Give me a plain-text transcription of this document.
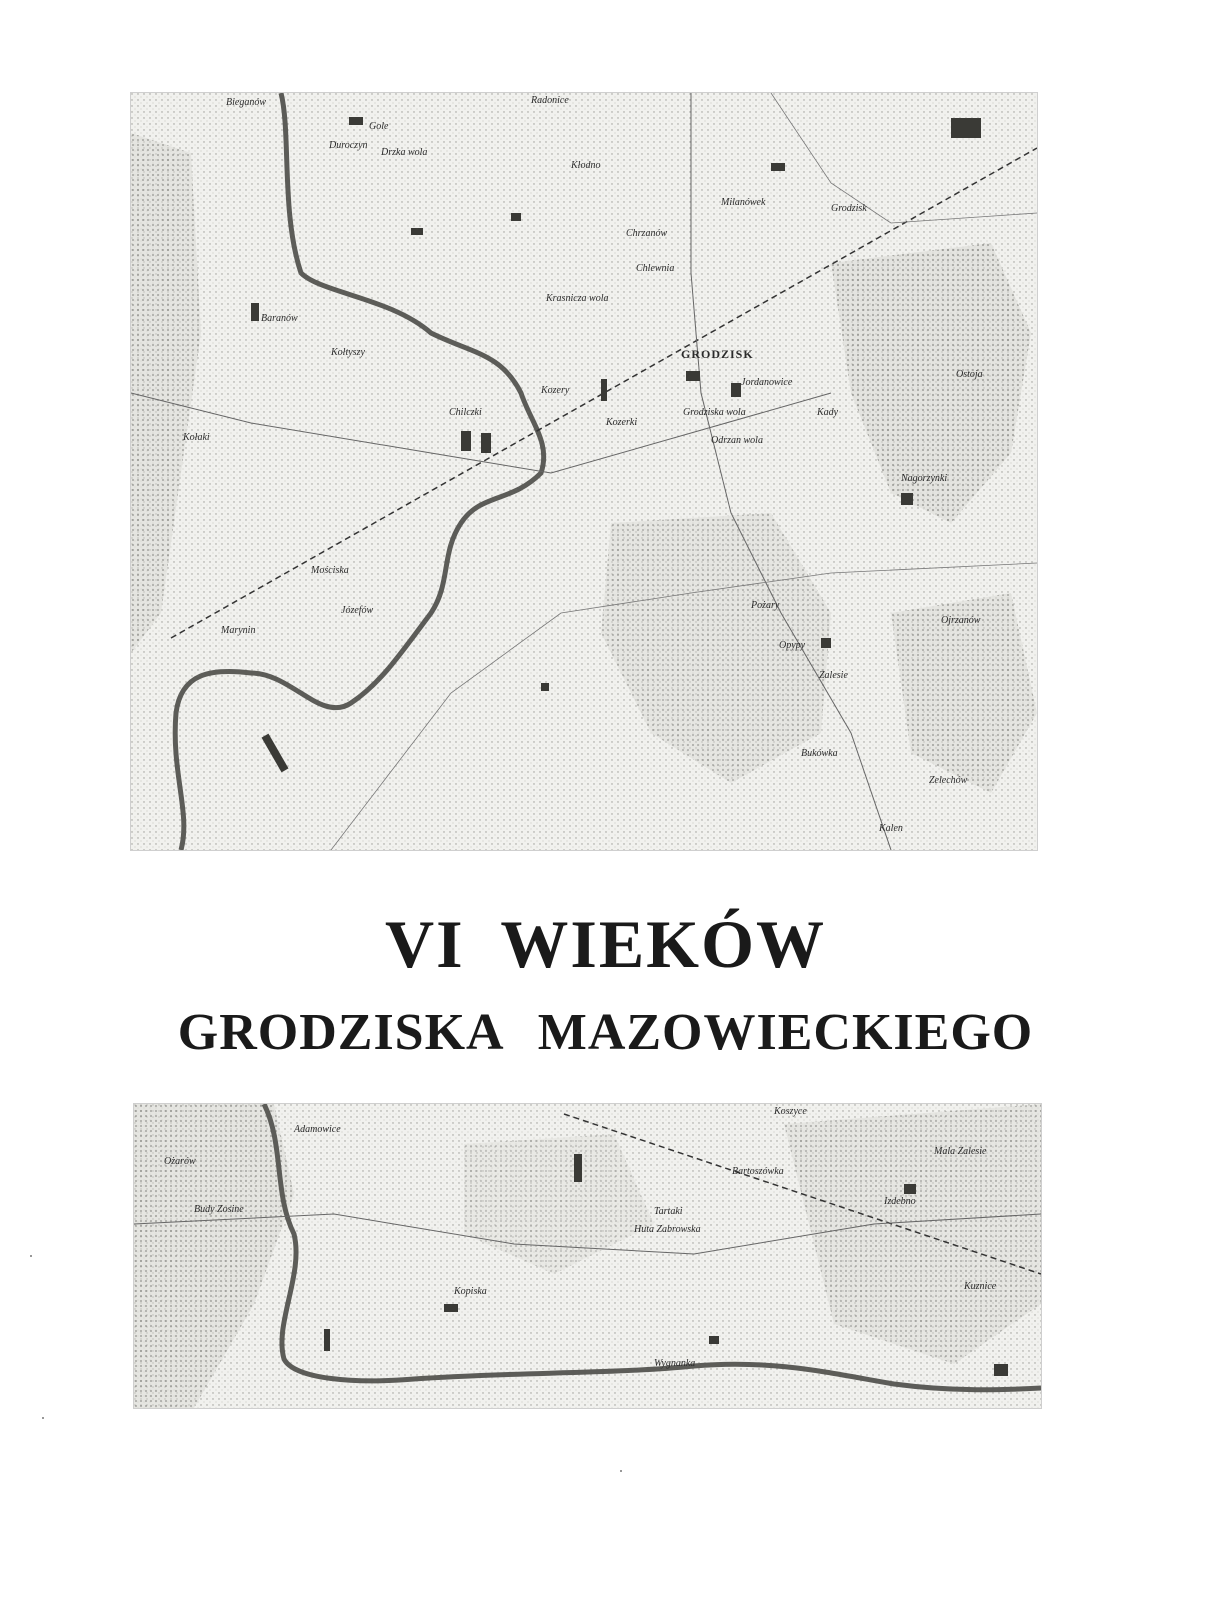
Radonice
Bieganów
Gole
Duroczyn
Drzka wola
Kłodno
Milanówek
Grodzisk
GRODZISK
Jordanowice
Grodziska wola
Kozerki
Kozery
Kady
Odrzan wola
Chrzanów
Chlewnia
Krasnicza wola
Baranów
Kołtyszy
Chilczki
Ostoja
Nagorzynki
Mościska
Ojrzanów
Józefów
Marynin
Pożary
Zelechów
Bukówka
Opypy
Zalesie
Kołaki
Kalen
VI WIEKÓW
GRODZISKA MAZOWIECKIEGO
Adamowice
Ożarów
Budy Zosine
Huta Zabrowska
Tartaki
Kopiska
Wygnanka
Koszyce
Bartoszówka
Mala Zalesie
Izdebno
Kuznice
